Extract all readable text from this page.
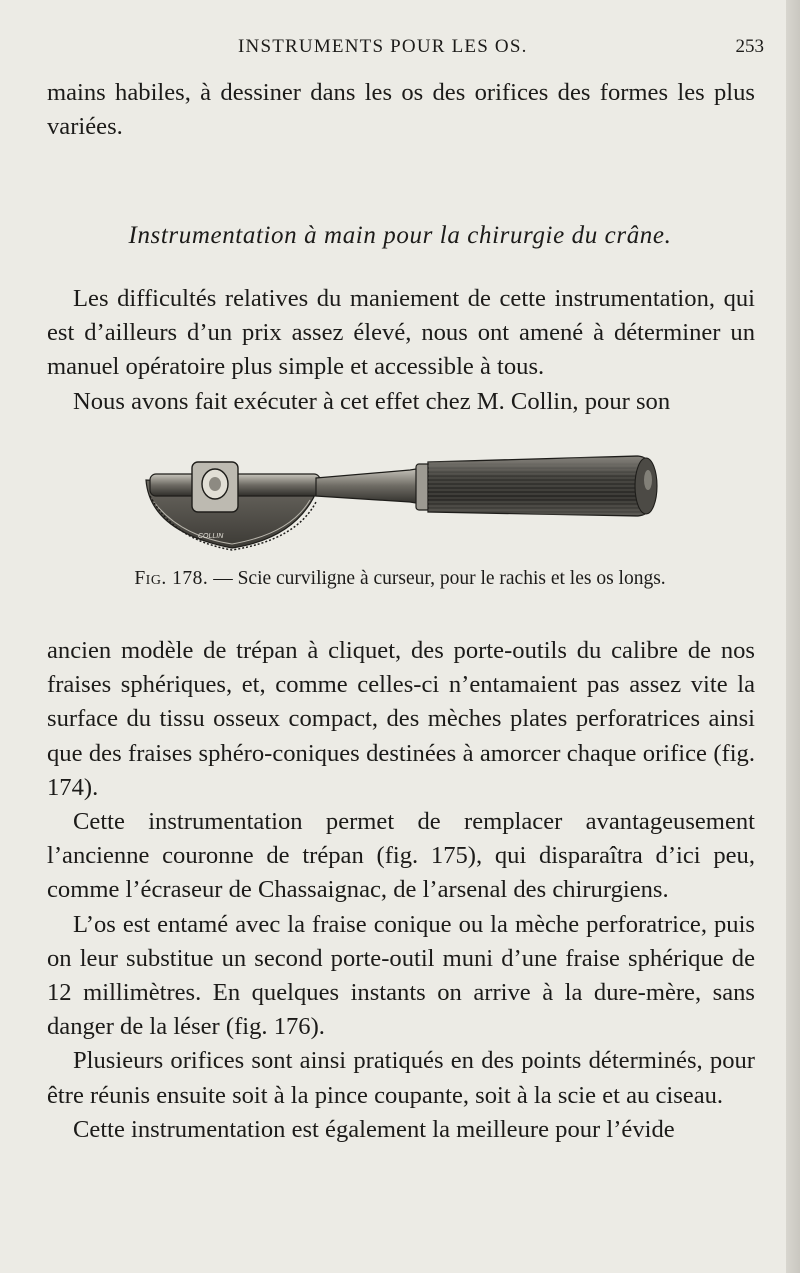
INSTRUMENTS POUR LES OS.	253

mains habiles, à dessiner dans les os des orifices des formes les plus variées.

Instrumentation à main pour la chirurgie du crâne.

Les difficultés relatives du maniement de cette instrumentation, qui est d’ailleurs d’un prix assez élevé, nous ont amené à déterminer un manuel opératoire plus simple et accessible à tous.

Nous avons fait exécuter à cet effet chez M. Collin, pour son

COLLIN
Fig. 178. — Scie curviligne à curseur, pour le rachis et les os longs.

ancien modèle de trépan à cliquet, des porte-outils du calibre de nos fraises sphériques, et, comme celles-ci n’entamaient pas assez vite la surface du tissu osseux compact, des mèches plates perforatrices ainsi que des fraises sphéro-coniques destinées à amorcer chaque orifice (fig. 174).

Cette instrumentation permet de remplacer avantageusement l’ancienne couronne de trépan (fig. 175), qui disparaîtra d’ici peu, comme l’écraseur de Chassaignac, de l’arsenal des chirurgiens.

L’os est entamé avec la fraise conique ou la mèche perforatrice, puis on leur substitue un second porte-outil muni d’une fraise sphérique de 12 millimètres. En quelques instants on arrive à la dure-mère, sans danger de la léser (fig. 176).

Plusieurs orifices sont ainsi pratiqués en des points déterminés, pour être réunis ensuite soit à la pince coupante, soit à la scie et au ciseau.

Cette instrumentation est également la meilleure pour l’évide
